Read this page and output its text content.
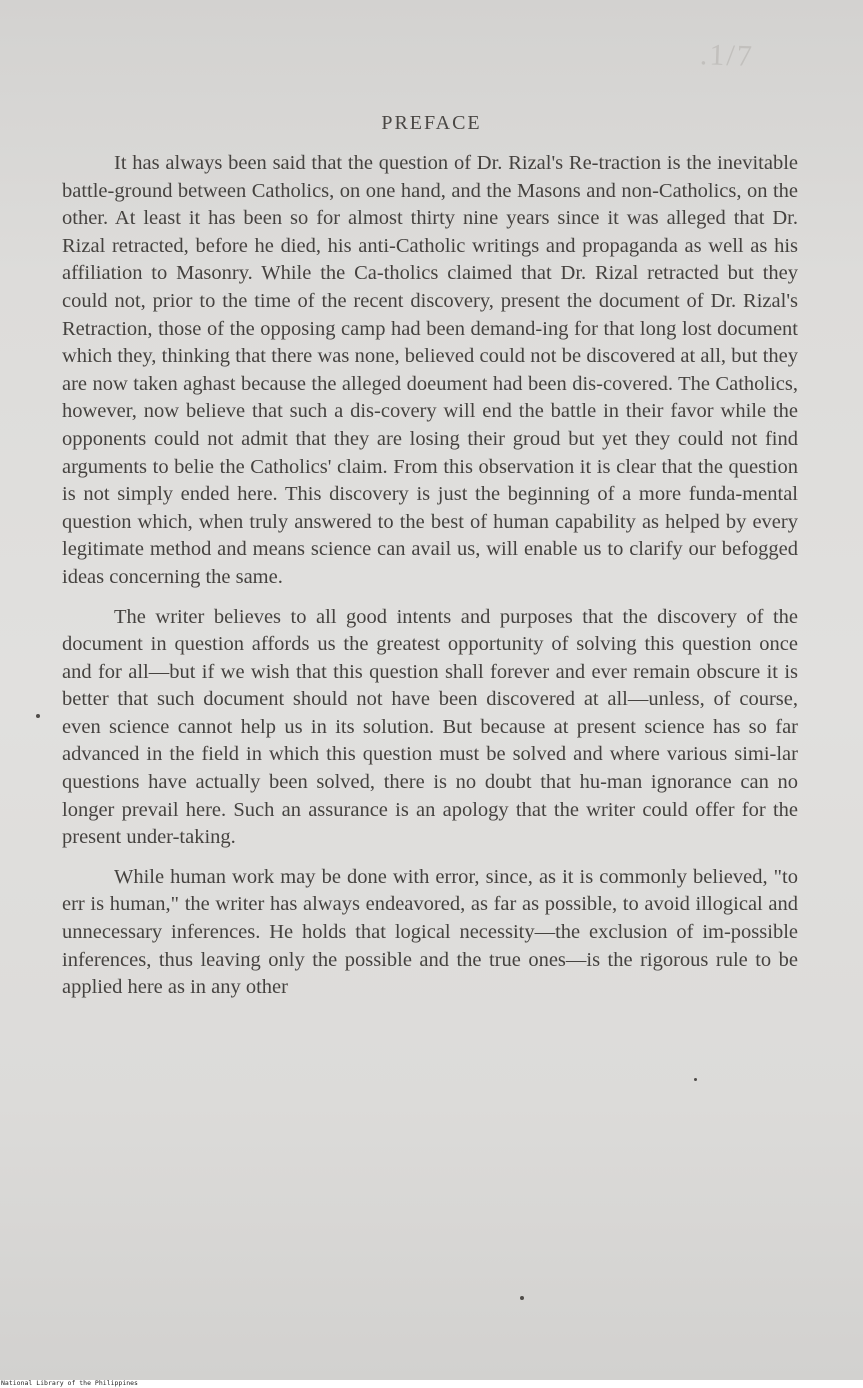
.1/7
PREFACE

It has always been said that the question of Dr. Rizal's Re-traction is the inevitable battle-ground between Catholics, on one hand, and the Masons and non-Catholics, on the other. At least it has been so for almost thirty nine years since it was alleged that Dr. Rizal retracted, before he died, his anti-Catholic writings and propaganda as well as his affiliation to Masonry. While the Ca-tholics claimed that Dr. Rizal retracted but they could not, prior to the time of the recent discovery, present the document of Dr. Rizal's Retraction, those of the opposing camp had been demand-ing for that long lost document which they, thinking that there was none, believed could not be discovered at all, but they are now taken aghast because the alleged doeument had been dis-covered. The Catholics, however, now believe that such a dis-covery will end the battle in their favor while the opponents could not admit that they are losing their groud but yet they could not find arguments to belie the Catholics' claim. From this observation it is clear that the question is not simply ended here. This discovery is just the beginning of a more funda-mental question which, when truly answered to the best of human capability as helped by every legitimate method and means science can avail us, will enable us to clarify our befogged ideas concerning the same.

The writer believes to all good intents and purposes that the discovery of the document in question affords us the greatest opportunity of solving this question once and for all—but if we wish that this question shall forever and ever remain obscure it is better that such document should not have been discovered at all—unless, of course, even science cannot help us in its solution. But because at present science has so far advanced in the field in which this question must be solved and where various simi-lar questions have actually been solved, there is no doubt that hu-man ignorance can no longer prevail here. Such an assurance is an apology that the writer could offer for the present under-taking.

While human work may be done with error, since, as it is commonly believed, "to err is human," the writer has always endeavored, as far as possible, to avoid illogical and unnecessary inferences. He holds that logical necessity—the exclusion of im-possible inferences, thus leaving only the possible and the true ones—is the rigorous rule to be applied here as in any other

National Library of the Philippines
